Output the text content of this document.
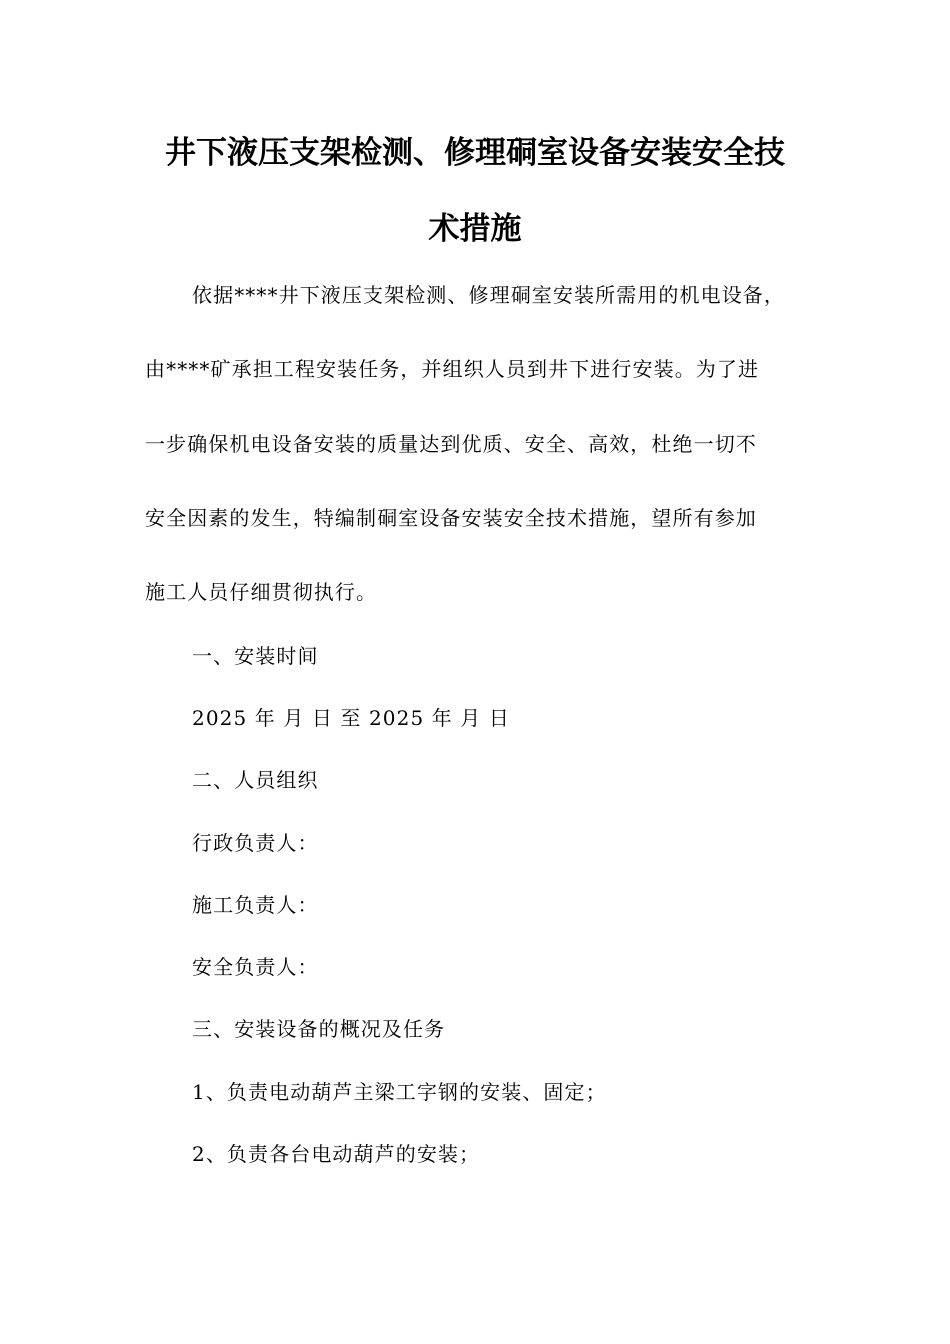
井下液压支架检测、修理硐室设备安装安全技
术措施
依据****井下液压支架检测、修理硐室安装所需用的机电设备，
由****矿承担工程安装任务，并组织人员到井下进行安装。为了进
一步确保机电设备安装的质量达到优质、安全、高效，杜绝一切不
安全因素的发生，特编制硐室设备安装安全技术措施，望所有参加
施工人员仔细贯彻执行。
一、安装时间
2025 年 月 日 至 2025 年 月 日
二、人员组织
行政负责人：
施工负责人：
安全负责人：
三、安装设备的概况及任务
1、负责电动葫芦主梁工字钢的安装、固定；
2、负责各台电动葫芦的安装；
